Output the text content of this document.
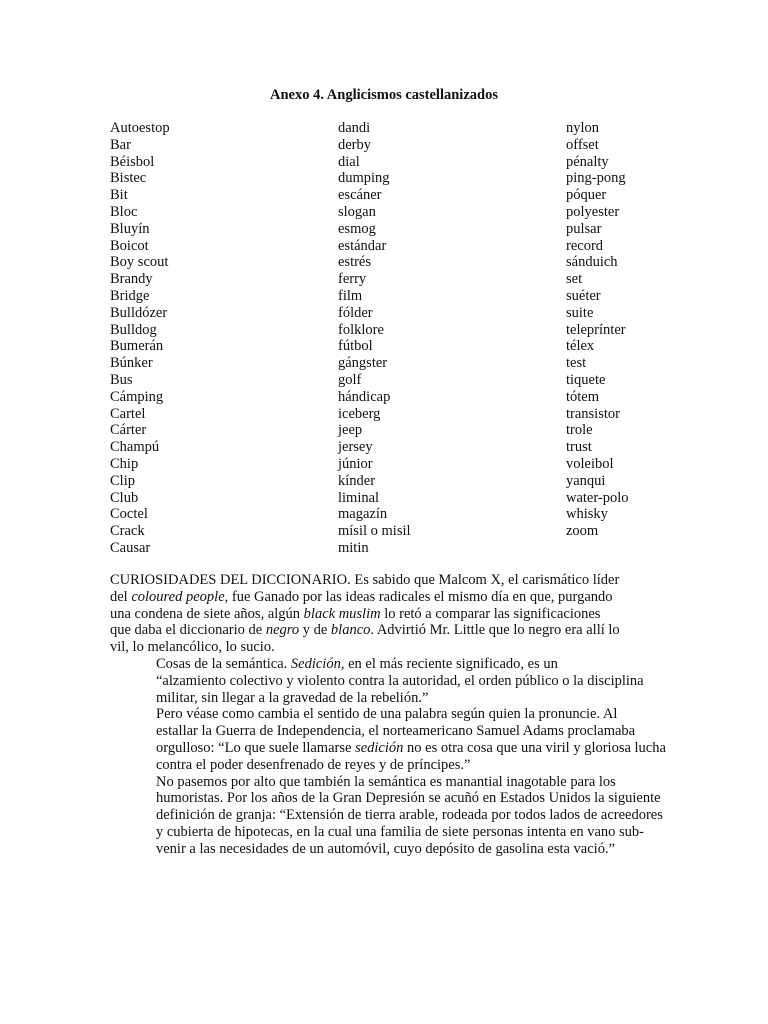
Anexo 4. Anglicismos castellanizados
Autoestop
Bar
Béisbol
Bistec
Bit
Bloc
Bluyín
Boicot
Boy scout
Brandy
Bridge
Bulldózer
Bulldog
Bumerán
Búnker
Bus
Cámping
Cartel
Cárter
Champú
Chip
Clip
Club
Coctel
Crack
Causar
dandi
derby
dial
dumping
escáner
slogan
esmog
estándar
estrés
ferry
film
fólder
folklore
fútbol
gángster
golf
hándicap
iceberg
jeep
jersey
júnior
kínder
liminal
magazín
mísil o misil
mitin
nylon
offset
pénalty
ping-pong
póquer
polyester
pulsar
record
sánduich
set
suéter
suite
teleprínter
télex
test
tiquete
tótem
transistor
trole
trust
voleibol
yanqui
water-polo
whisky
zoom

CURIOSIDADES DEL DICCIONARIO. Es sabido que Malcom X, el carismático líder
del coloured people, fue Ganado por las ideas radicales el mismo día en que, purgando
una condena de siete años, algún black muslim lo retó a comparar las significaciones
que daba el diccionario de negro y de blanco. Advirtió Mr. Little que lo negro era allí lo
vil, lo melancólico, lo sucio.

Cosas de la semántica. Sedición, en el más reciente significado, es un
“alzamiento colectivo y violento contra la autoridad, el orden público o la disciplina
militar, sin llegar a la gravedad de la rebelión.”

Pero véase como cambia el sentido de una palabra según quien la pronuncie. Al
estallar la Guerra de Independencia, el norteamericano Samuel Adams proclamaba
orgulloso: “Lo que suele llamarse sedición no es otra cosa que una viril y gloriosa lucha
contra el poder desenfrenado de reyes y de príncipes.”

No pasemos por alto que también la semántica es manantial inagotable para los
humoristas. Por los años de la Gran Depresión se acuñó en Estados Unidos la siguiente
definición de granja: “Extensión de tierra arable, rodeada por todos lados de acreedores
y cubierta de hipotecas, en la cual una familia de siete personas intenta en vano sub-
venir a las necesidades de un automóvil, cuyo depósito de gasolina esta vació.”
